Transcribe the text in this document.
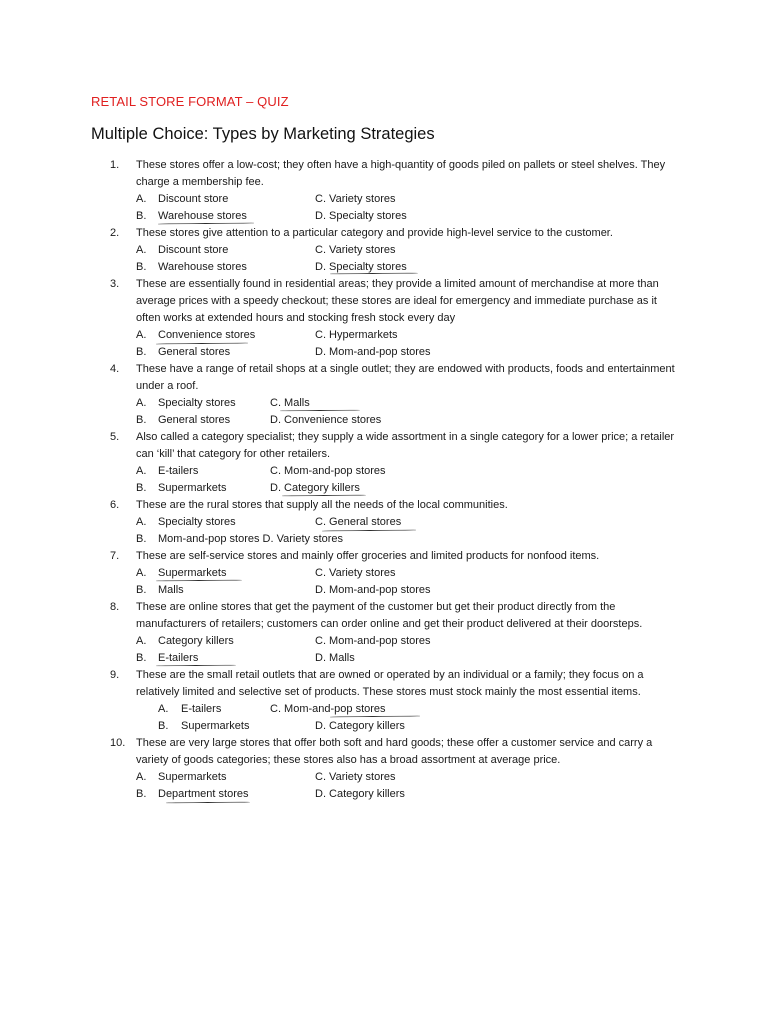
RETAIL STORE FORMAT – QUIZ
Multiple Choice: Types by Marketing Strategies
1.	These stores offer a low-cost; they often have a high-quantity of goods piled on pallets or steel shelves. They charge a membership fee.
A. Discount store	C. Variety stores
B. Warehouse stores	D. Specialty stores
2.	These stores give attention to a particular category and provide high-level service to the customer.
A. Discount store	C. Variety stores
B. Warehouse stores	D. Specialty stores
3.	These are essentially found in residential areas; they provide a limited amount of merchandise at more than average prices with a speedy checkout; these stores are ideal for emergency and immediate purchase as it often works at extended hours and stocking fresh stock every day
A. Convenience stores	C. Hypermarkets
B. General stores	D. Mom-and-pop stores
4.	These have a range of retail shops at a single outlet; they are endowed with products, foods and entertainment under a roof.
A. Specialty stores	C. Malls
B. General stores	D. Convenience stores
5.	Also called a category specialist; they supply a wide assortment in a single category for a lower price; a retailer can ‘kill’ that category for other retailers.
A. E-tailers	C. Mom-and-pop stores
B. Supermarkets	D. Category killers
6.	These are the rural stores that supply all the needs of the local communities.
A. Specialty stores	C. General stores
B. Mom-and-pop stores D. Variety stores
7.	These are self-service stores and mainly offer groceries and limited products for nonfood items.
A. Supermarkets	C. Variety stores
B. Malls	D. Mom-and-pop stores
8.	These are online stores that get the payment of the customer but get their product directly from the manufacturers of retailers; customers can order online and get their product delivered at their doorsteps.
A. Category killers	C. Mom-and-pop stores
B. E-tailers	D. Malls
9.	These are the small retail outlets that are owned or operated by an individual or a family; they focus on a relatively limited and selective set of products. These stores must stock mainly the most essential items.
A. E-tailers	C. Mom-and-pop stores
B. Supermarkets	D. Category killers
10. These are very large stores that offer both soft and hard goods; these offer a customer service and carry a variety of goods categories; these stores also has a broad assortment at average price.
A. Supermarkets	C. Variety stores
B. Department stores	D. Category killers
